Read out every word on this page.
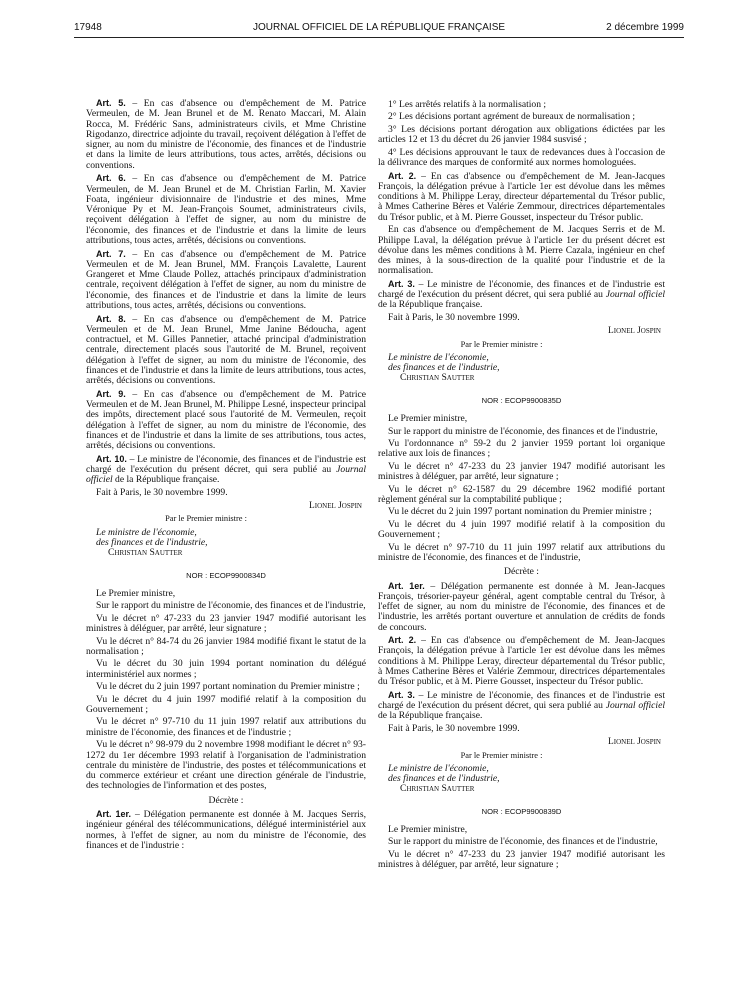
17948	JOURNAL OFFICIEL DE LA RÉPUBLIQUE FRANÇAISE	2 décembre 1999

Art. 5. – En cas d'absence ou d'empêchement de M. Patrice Vermeulen, de M. Jean Brunel et de M. Renato Maccari, M. Alain Rocca, M. Frédéric Sans, administrateurs civils, et Mme Christine Rigodanzo, directrice adjointe du travail, reçoivent délégation à l'effet de signer, au nom du ministre de l'économie, des finances et de l'industrie et dans la limite de leurs attributions, tous actes, arrêtés, décisions ou conventions.

Art. 6. – En cas d'absence ou d'empêchement de M. Patrice Vermeulen, de M. Jean Brunel et de M. Christian Farlin, M. Xavier Foata, ingénieur divisionnaire de l'industrie et des mines, Mme Véronique Py et M. Jean-François Soumet, administrateurs civils, reçoivent délégation à l'effet de signer, au nom du ministre de l'économie, des finances et de l'industrie et dans la limite de leurs attributions, tous actes, arrêtés, décisions ou conventions.

Art. 7. – En cas d'absence ou d'empêchement de M. Patrice Vermeulen et de M. Jean Brunel, MM. François Lavalette, Laurent Grangeret et Mme Claude Pollez, attachés principaux d'administration centrale, reçoivent délégation à l'effet de signer, au nom du ministre de l'économie, des finances et de l'industrie et dans la limite de leurs attributions, tous actes, arrêtés, décisions ou conventions.

Art. 8. – En cas d'absence ou d'empêchement de M. Patrice Vermeulen et de M. Jean Brunel, Mme Janine Bédoucha, agent contractuel, et M. Gilles Pannetier, attaché principal d'administration centrale, directement placés sous l'autorité de M. Brunel, reçoivent délégation à l'effet de signer, au nom du ministre de l'économie, des finances et de l'industrie et dans la limite de leurs attributions, tous actes, arrêtés, décisions ou conventions.

Art. 9. – En cas d'absence ou d'empêchement de M. Patrice Vermeulen et de M. Jean Brunel, M. Philippe Lesné, inspecteur principal des impôts, directement placé sous l'autorité de M. Vermeulen, reçoit délégation à l'effet de signer, au nom du ministre de l'économie, des finances et de l'industrie et dans la limite de ses attributions, tous actes, arrêtés, décisions ou conventions.

Art. 10. – Le ministre de l'économie, des finances et de l'industrie est chargé de l'exécution du présent décret, qui sera publié au Journal officiel de la République française.

Fait à Paris, le 30 novembre 1999.

Lionel Jospin

Par le Premier ministre :

Le ministre de l'économie,

des finances et de l'industrie,

Christian Sautter

NOR : ECOP9900834D

Le Premier ministre,

Sur le rapport du ministre de l'économie, des finances et de l'industrie,

Vu le décret n° 47-233 du 23 janvier 1947 modifié autorisant les ministres à déléguer, par arrêté, leur signature ;

Vu le décret n° 84-74 du 26 janvier 1984 modifié fixant le statut de la normalisation ;

Vu le décret du 30 juin 1994 portant nomination du délégué interministériel aux normes ;

Vu le décret du 2 juin 1997 portant nomination du Premier ministre ;

Vu le décret du 4 juin 1997 modifié relatif à la composition du Gouvernement ;

Vu le décret n° 97-710 du 11 juin 1997 relatif aux attributions du ministre de l'économie, des finances et de l'industrie ;

Vu le décret n° 98-979 du 2 novembre 1998 modifiant le décret n° 93-1272 du 1er décembre 1993 relatif à l'organisation de l'administration centrale du ministère de l'industrie, des postes et télécommunications et du commerce extérieur et créant une direction générale de l'industrie, des technologies de l'information et des postes,

Décrète :

Art. 1er. – Délégation permanente est donnée à M. Jacques Serris, ingénieur général des télécommunications, délégué interministériel aux normes, à l'effet de signer, au nom du ministre de l'économie, des finances et de l'industrie :

1° Les arrêtés relatifs à la normalisation ;

2° Les décisions portant agrément de bureaux de normalisation ;

3° Les décisions portant dérogation aux obligations édictées par les articles 12 et 13 du décret du 26 janvier 1984 susvisé ;

4° Les décisions approuvant le taux de redevances dues à l'occasion de la délivrance des marques de conformité aux normes homologuées.

Art. 2. – En cas d'absence ou d'empêchement de M. Jean-Jacques François, la délégation prévue à l'article 1er est dévolue dans les mêmes conditions à M. Philippe Leray, directeur départemental du Trésor public, à Mmes Catherine Bères et Valérie Zemmour, directrices départementales du Trésor public, et à M. Pierre Gousset, inspecteur du Trésor public.

En cas d'absence ou d'empêchement de M. Jacques Serris et de M. Philippe Laval, la délégation prévue à l'article 1er du présent décret est dévolue dans les mêmes conditions à M. Pierre Cazala, ingénieur en chef des mines, à la sous-direction de la qualité pour l'industrie et de la normalisation.

Art. 3. – Le ministre de l'économie, des finances et de l'industrie est chargé de l'exécution du présent décret, qui sera publié au Journal officiel de la République française.

Fait à Paris, le 30 novembre 1999.

Lionel Jospin

Par le Premier ministre :

Le ministre de l'économie,

des finances et de l'industrie,

Christian Sautter

NOR : ECOP9900835D

Le Premier ministre,

Sur le rapport du ministre de l'économie, des finances et de l'industrie,

Vu l'ordonnance n° 59-2 du 2 janvier 1959 portant loi organique relative aux lois de finances ;

Vu le décret n° 47-233 du 23 janvier 1947 modifié autorisant les ministres à déléguer, par arrêté, leur signature ;

Vu le décret n° 62-1587 du 29 décembre 1962 modifié portant règlement général sur la comptabilité publique ;

Vu le décret du 2 juin 1997 portant nomination du Premier ministre ;

Vu le décret du 4 juin 1997 modifié relatif à la composition du Gouvernement ;

Vu le décret n° 97-710 du 11 juin 1997 relatif aux attributions du ministre de l'économie, des finances et de l'industrie,

Décrète :

Art. 1er. – Délégation permanente est donnée à M. Jean-Jacques François, trésorier-payeur général, agent comptable central du Trésor, à l'effet de signer, au nom du ministre de l'économie, des finances et de l'industrie, les arrêtés portant ouverture et annulation de crédits de fonds de concours.

Art. 2. – En cas d'absence ou d'empêchement de M. Jean-Jacques François, la délégation prévue à l'article 1er est dévolue dans les mêmes conditions à M. Philippe Leray, directeur départemental du Trésor public, à Mmes Catherine Bères et Valérie Zemmour, directrices départementales du Trésor public, et à M. Pierre Gousset, inspecteur du Trésor public.

Art. 3. – Le ministre de l'économie, des finances et de l'industrie est chargé de l'exécution du présent décret, qui sera publié au Journal officiel de la République française.

Fait à Paris, le 30 novembre 1999.

Lionel Jospin

Par le Premier ministre :

Le ministre de l'économie,

des finances et de l'industrie,

Christian Sautter

NOR : ECOP9900839D

Le Premier ministre,

Sur le rapport du ministre de l'économie, des finances et de l'industrie,

Vu le décret n° 47-233 du 23 janvier 1947 modifié autorisant les ministres à déléguer, par arrêté, leur signature ;
